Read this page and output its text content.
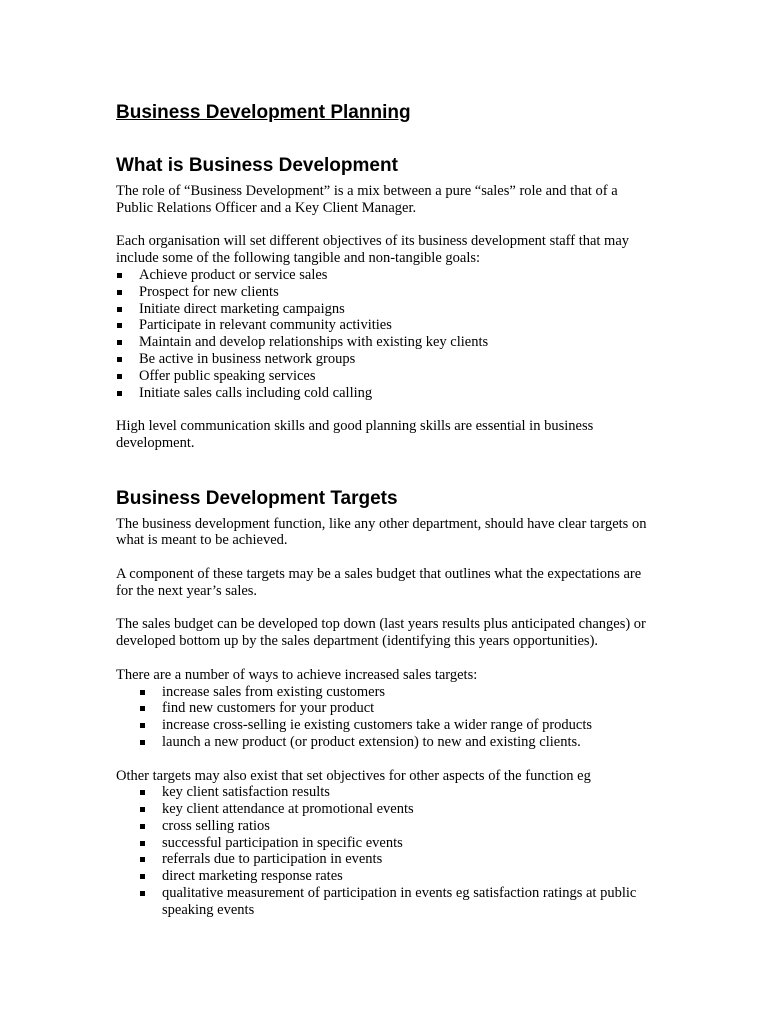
Business Development Planning
What is Business Development

The role of “Business Development” is a mix between a pure “sales” role and that of a Public Relations Officer and a Key Client Manager.

Each organisation will set different objectives of its business development staff that may include some of the following tangible and non-tangible goals:

Achieve product or service sales
Prospect for new clients
Initiate direct marketing campaigns
Participate in relevant community activities
Maintain and develop relationships with existing key clients
Be active in business network groups
Offer public speaking services
Initiate sales calls including cold calling

High level communication skills and good planning skills are essential in business development.

Business Development Targets

The business development function, like any other department, should have clear targets on what is meant to be achieved.

A component of these targets may be a sales budget that outlines what the expectations are for the next year’s sales.

The sales budget can be developed top down (last years results plus anticipated changes) or developed bottom up by the sales department (identifying this years opportunities).

There are a number of ways to achieve increased sales targets:

increase sales from existing customers
find new customers for your product
increase cross-selling ie existing customers take a wider range of products
launch a new product (or product extension) to new and existing clients.

Other targets may also exist that set objectives for other aspects of the function eg

key client satisfaction results
key client attendance at promotional events
cross selling ratios
successful participation in specific events
referrals due to participation in events
direct marketing response rates
qualitative measurement of participation in events eg satisfaction ratings at public speaking events
